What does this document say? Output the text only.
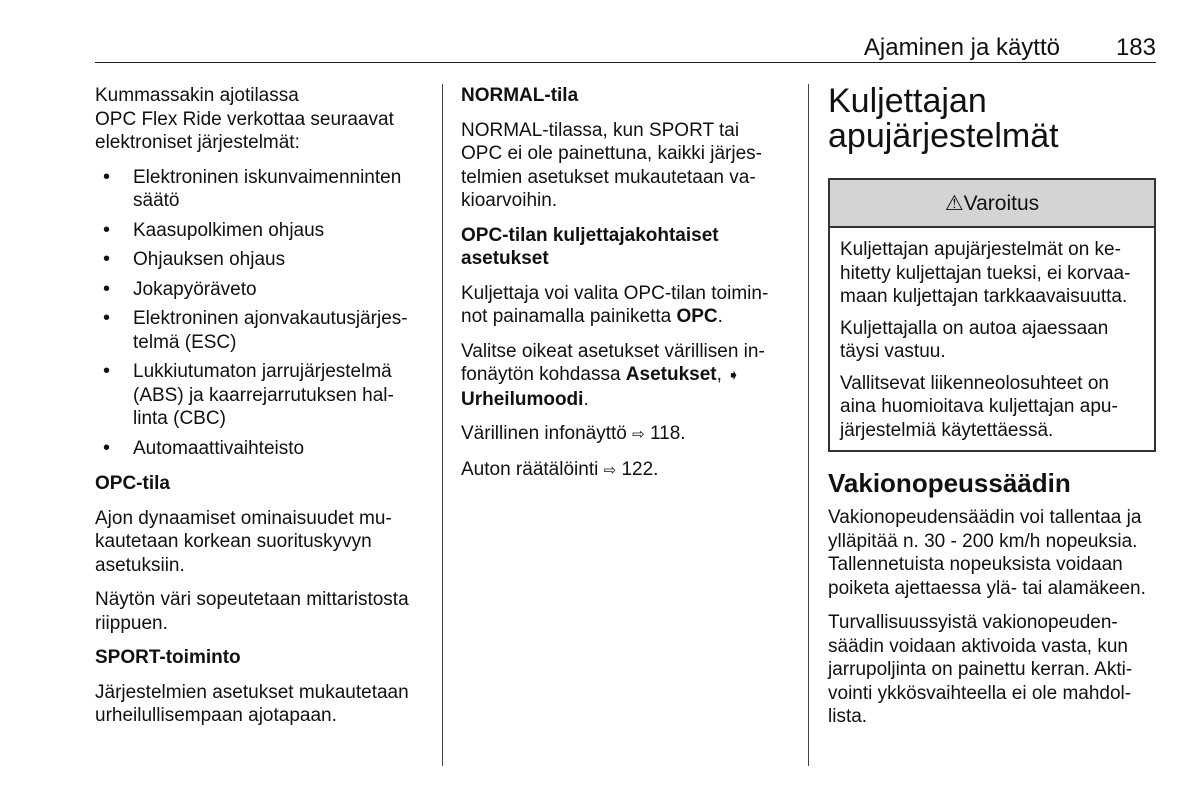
Ajaminen ja käyttö 183

Kummassakin ajotilassa
OPC Flex Ride verkottaa seuraavat
elektroniset järjestelmät:

• Elektroninen iskunvaimenninten
säätö
• Kaasupolkimen ohjaus
• Ohjauksen ohjaus
• Jokapyöräveto
• Elektroninen ajonvakautusjärjes-
telmä (ESC)
• Lukkiutumaton jarrujärjestelmä
(ABS) ja kaarrejarrutuksen hal-
linta (CBC)
• Automaattivaihteisto

OPC-tila

Ajon dynaamiset ominaisuudet mu-
kautetaan korkean suorituskyvyn
asetuksiin.

Näytön väri sopeutetaan mittaristosta
riippuen.

SPORT-toiminto

Järjestelmien asetukset mukautetaan
urheilullisempaan ajotapaan.

NORMAL-tila

NORMAL-tilassa, kun SPORT tai
OPC ei ole painettuna, kaikki järjes-
telmien asetukset mukautetaan va-
kioarvoihin.

OPC-tilan kuljettajakohtaiset
asetukset

Kuljettaja voi valita OPC-tilan toimin-
not painamalla painiketta OPC.

Valitse oikeat asetukset värillisen in-
fonäytön kohdassa Asetukset, ➧
Urheilumoodi.

Värillinen infonäyttö ⇨ 118.

Auton räätälöinti ⇨ 122.

Kuljettajan
apujärjestelmät
⚠Varoitus

Kuljettajan apujärjestelmät on ke-
hitetty kuljettajan tueksi, ei korvaa-
maan kuljettajan tarkkaavaisuutta.

Kuljettajalla on autoa ajaessaan
täysi vastuu.

Vallitsevat liikenneolosuhteet on
aina huomioitava kuljettajan apu-
järjestelmiä käytettäessä.

Vakionopeussäädin

Vakionopeudensäädin voi tallentaa ja
ylläpitää n. 30 - 200 km/h nopeuksia.
Tallennetuista nopeuksista voidaan
poiketa ajettaessa ylä- tai alamäkeen.

Turvallisuussyistä vakionopeuden-
säädin voidaan aktivoida vasta, kun
jarrupoljinta on painettu kerran. Akti-
vointi ykkösvaihteella ei ole mahdol-
lista.
